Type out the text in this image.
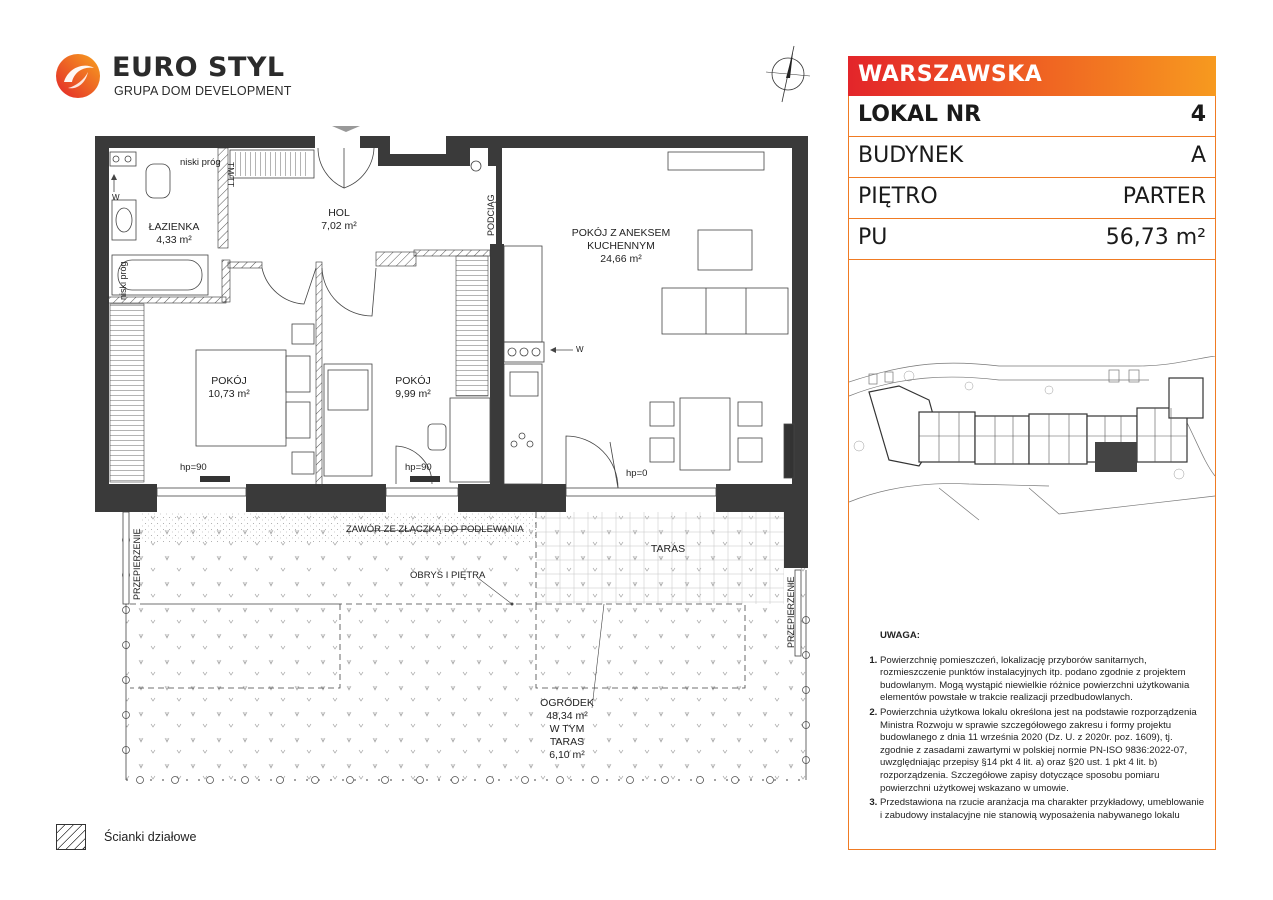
EURO STYL
GRUPA DOM DEVELOPMENT
niski próg TM/TT
niski próg
W
W
PODCIĄG
ŁAZIENKA
4,33 m²
HOL
7,02 m²
POKÓJ Z ANEKSEM
KUCHENNYM
24,66 m²
POKÓJ
10,73 m²
POKÓJ
9,99 m²
hp=90	hp=90
hp=0
ZAWÓR ZE ZŁĄCZKĄ DO PODLEWANIA
OBRYS I PIĘTRA
TARAS
PRZEPIERZENIE
PRZEPIERZENIE
OGRÓDEK
48,34 m²
W TYM
TARAS
6,10 m²
WARSZAWSKA
LOKAL NR	4
BUDYNEK	A
PIĘTRO	PARTER
PU	56,73 m²
UWAGA:
1. Powierzchnię pomieszczeń, lokalizację przyborów sanitarnych, rozmieszczenie punktów instalacyjnych itp. podano zgodnie z projektem budowlanym. Mogą wystąpić niewielkie różnice powierzchni użytkowania elementów powstałe w trakcie realizacji przedbudowlanych.
2. Powierzchnia użytkowa lokalu określona jest na podstawie rozporządzenia Ministra Rozwoju w sprawie szczegółowego zakresu i formy projektu budowlanego z dnia 11 września 2020 (Dz. U. z 2020r. poz. 1609), tj. zgodnie z zasadami zawartymi w polskiej normie PN-ISO 9836:2022-07, uwzględniając przepisy §14 pkt 4 lit. a) oraz §20 ust. 1 pkt 4 lit. b) rozporządzenia. Szczegółowe zapisy dotyczące sposobu pomiaru powierzchni użytkowej wskazano w umowie.
3. Przedstawiona na rzucie aranżacja ma charakter przykładowy, umeblowanie i zabudowy instalacyjne nie stanowią wyposażenia nabywanego lokalu
Ścianki działowe
